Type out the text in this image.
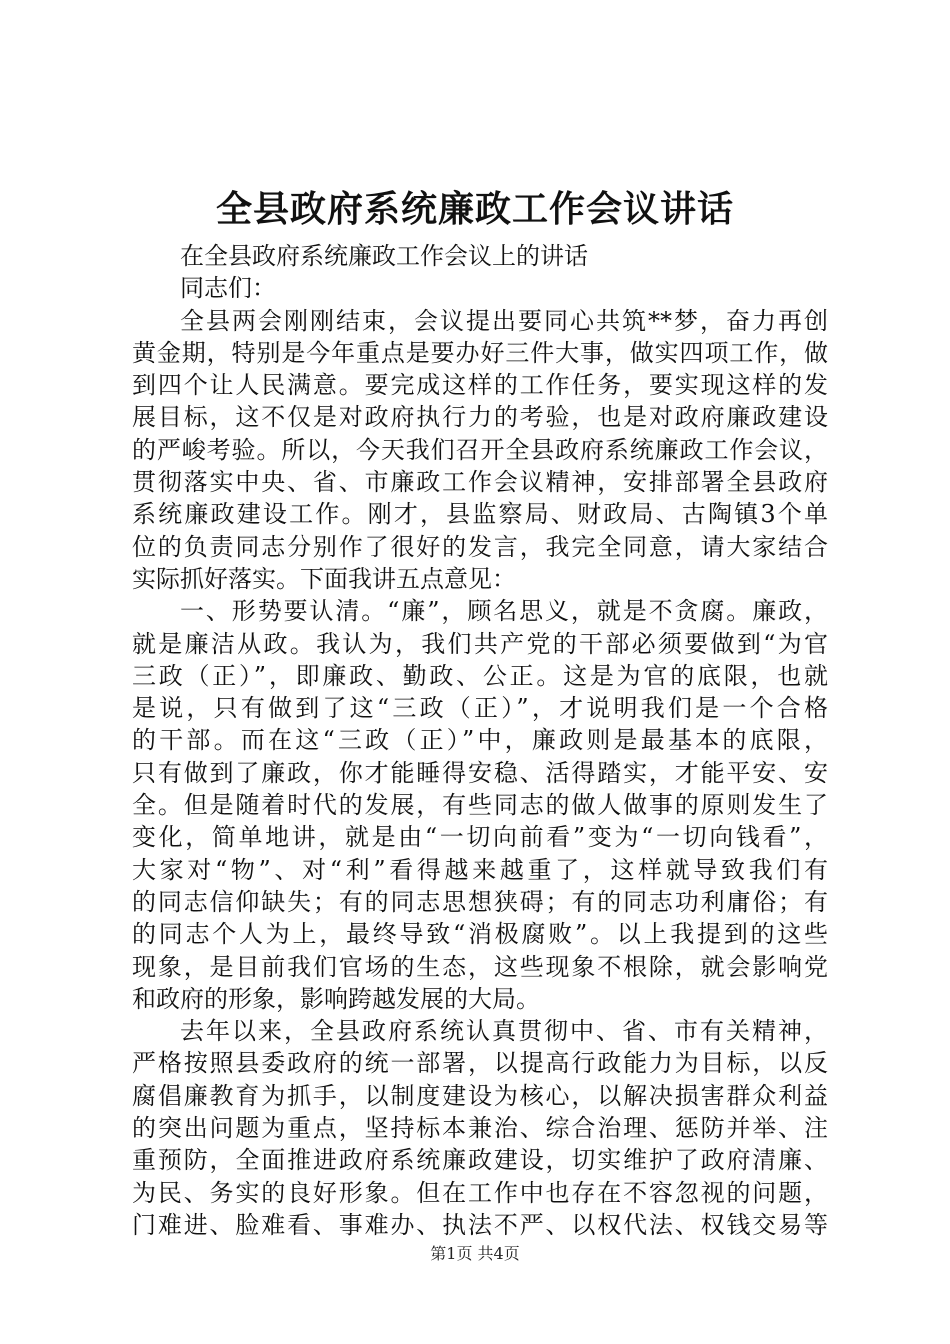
全县政府系统廉政工作会议讲话
在全县政府系统廉政工作会议上的讲话
同志们：
全县两会刚刚结束，会议提出要同心共筑**梦，奋力再创
黄金期，特别是今年重点是要办好三件大事，做实四项工作，做
到四个让人民满意。要完成这样的工作任务，要实现这样的发
展目标，这不仅是对政府执行力的考验，也是对政府廉政建设
的严峻考验。所以，今天我们召开全县政府系统廉政工作会议，
贯彻落实中央、省、市廉政工作会议精神，安排部署全县政府
系统廉政建设工作。刚才，县监察局、财政局、古陶镇3个单
位的负责同志分别作了很好的发言，我完全同意，请大家结合
实际抓好落实。下面我讲五点意见：
一、形势要认清。“廉”，顾名思义，就是不贪腐。廉政，
就是廉洁从政。我认为，我们共产党的干部必须要做到“为官
三政（正）”，即廉政、勤政、公正。这是为官的底限，也就
是说，只有做到了这“三政（正）”，才说明我们是一个合格
的干部。而在这“三政（正）”中，廉政则是最基本的底限，
只有做到了廉政，你才能睡得安稳、活得踏实，才能平安、安
全。但是随着时代的发展，有些同志的做人做事的原则发生了
变化，简单地讲，就是由“一切向前看”变为“一切向钱看”，
大家对“物”、对“利”看得越来越重了，这样就导致我们有
的同志信仰缺失；有的同志思想狭碍；有的同志功利庸俗；有
的同志个人为上，最终导致“消极腐败”。以上我提到的这些
现象，是目前我们官场的生态，这些现象不根除，就会影响党
和政府的形象，影响跨越发展的大局。
去年以来，全县政府系统认真贯彻中、省、市有关精神，
严格按照县委政府的统一部署，以提高行政能力为目标，以反
腐倡廉教育为抓手，以制度建设为核心，以解决损害群众利益
的突出问题为重点，坚持标本兼治、综合治理、惩防并举、注
重预防，全面推进政府系统廉政建设，切实维护了政府清廉、
为民、务实的良好形象。但在工作中也存在不容忽视的问题，
门难进、脸难看、事难办、执法不严、以权代法、权钱交易等
第1页 共4页
